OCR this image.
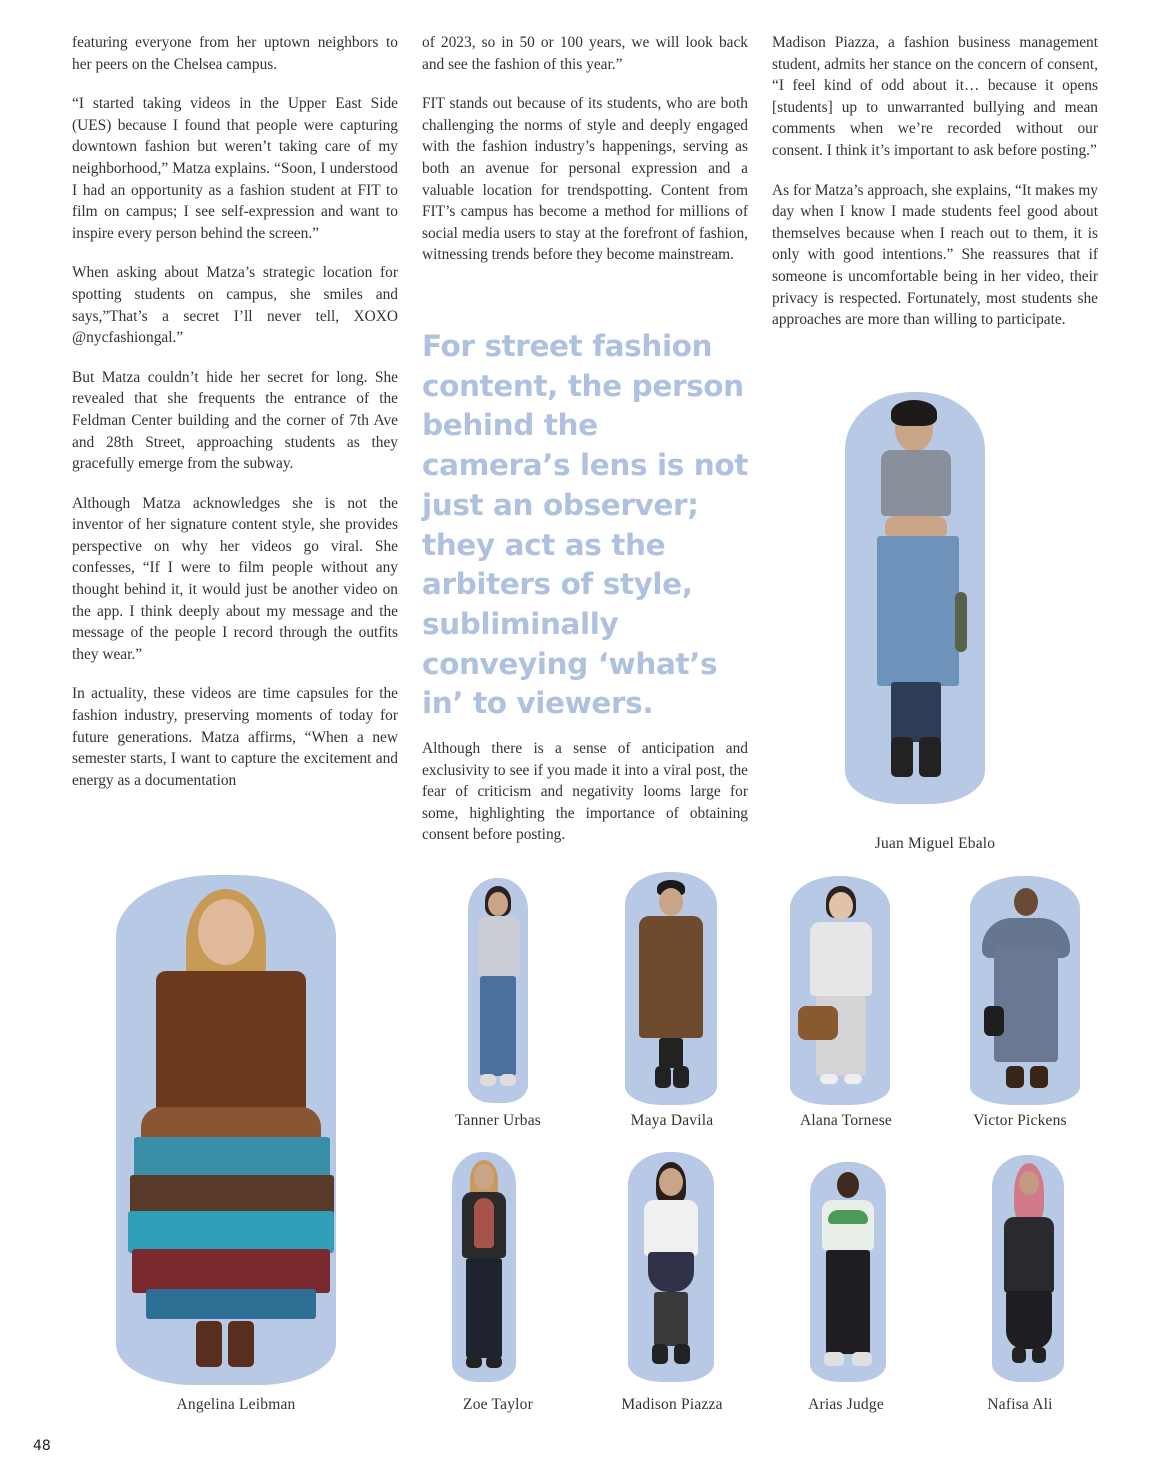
featuring everyone from her uptown neighbors to her peers on the Chelsea campus.

“I started taking videos in the Upper East Side (UES) because I found that people were capturing downtown fashion but weren’t taking care of my neighborhood,” Matza explains. “Soon, I understood I had an opportunity as a fashion student at FIT to film on campus; I see self-expression and want to inspire every person behind the screen.”

When asking about Matza’s strategic location for spotting students on campus, she smiles and says,”That’s a secret I’ll never tell, XOXO @nycfashiongal.”

But Matza couldn’t hide her secret for long. She revealed that she frequents the entrance of the Feldman Center building and the corner of 7th Ave and 28th Street, approaching students as they gracefully emerge from the subway.

Although Matza acknowledges she is not the inventor of her signature content style, she provides perspective on why her videos go viral. She confesses, “If I were to film people without any thought behind it, it would just be another video on the app. I think deeply about my message and the message of the people I record through the outfits they wear.”

In actuality, these videos are time capsules for the fashion industry, preserving moments of today for future generations. Matza affirms, “When a new semester starts, I want to capture the excitement and energy as a documentation

of 2023, so in 50 or 100 years, we will look back and see the fashion of this year.”

FIT stands out because of its students, who are both challenging the norms of style and deeply engaged with the fashion industry’s happenings, serving as both an avenue for personal expression and a valuable location for trendspotting. Content from FIT’s campus has become a method for millions of social media users to stay at the forefront of fashion, witnessing trends before they become mainstream.

For street fashion content, the person behind the camera’s lens is not just an observer; they act as the arbiters of style, subliminally conveying ‘what’s in’ to viewers.

Although there is a sense of anticipation and exclusivity to see if you made it into a viral post, the fear of criticism and negativity looms large for some, highlighting the importance of obtaining consent before posting.

Madison Piazza, a fashion business management student, admits her stance on the concern of consent, “I feel kind of odd about it… because it opens [students] up to unwarranted bullying and mean comments when we’re recorded without our consent. I think it’s important to ask before posting.”

As for Matza’s approach, she explains, “It makes my day when I know I made students feel good about themselves because when I reach out to them, it is only with good intentions.” She reassures that if someone is uncomfortable being in her video, their privacy is respected. Fortunately, most students she approaches are more than willing to participate.

Juan Miguel Ebalo
Angelina Leibman
Tanner Urbas	Maya Davila	Alana Tornese	Victor Pickens
Zoe Taylor	Madison Piazza	Arias Judge	Nafisa Ali
48
